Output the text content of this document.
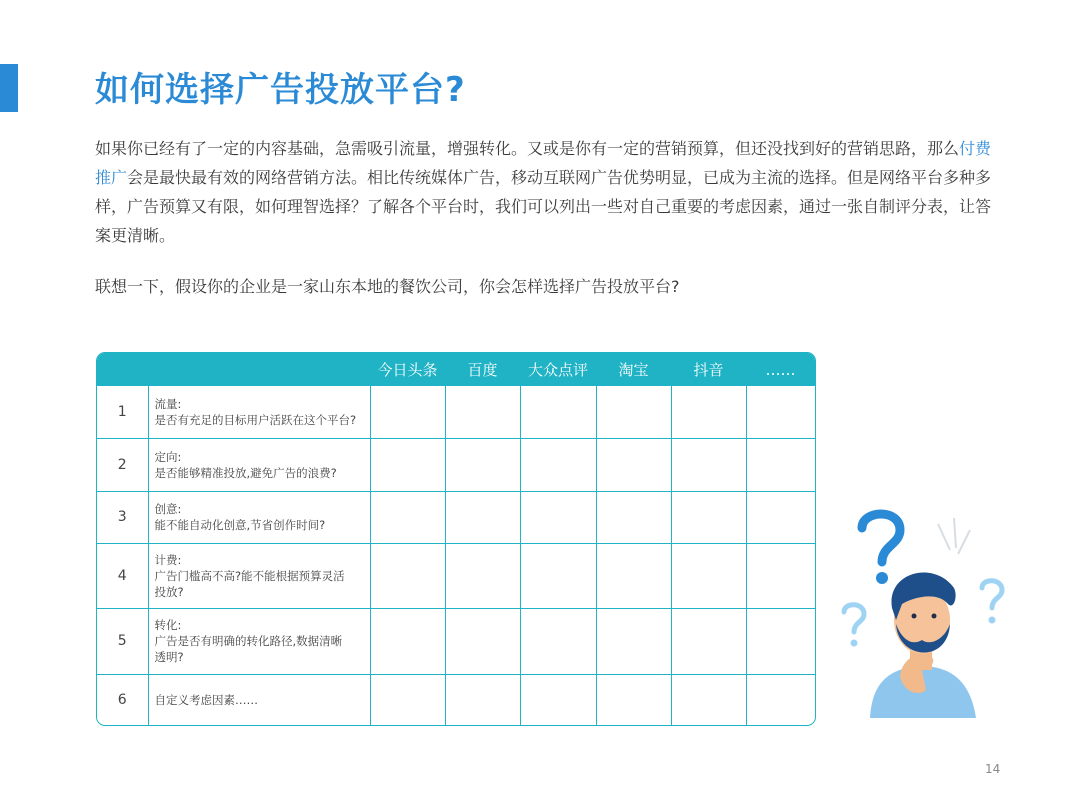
如何选择广告投放平台?
如果你已经有了一定的内容基础，急需吸引流量，增强转化。又或是你有一定的营销预算，但还没找到好的营销思路，那么付费推广会是最快最有效的网络营销方法。相比传统媒体广告，移动互联网广告优势明显，已成为主流的选择。但是网络平台多种多样，广告预算又有限，如何理智选择？了解各个平台时，我们可以列出一些对自己重要的考虑因素，通过一张自制评分表，让答案更清晰。
联想一下，假设你的企业是一家山东本地的餐饮公司，你会怎样选择广告投放平台?
		今日头条	百度	大众点评	淘宝	抖音	……
1	流量:
是否有充足的目标用户活跃在这个平台?						

2	定向:
是否能够精准投放,避免广告的浪费?						

3	创意:
能不能自动化创意,节省创作时间?						

4	计费:
广告门槛高不高?能不能根据预算灵活
投放?						

5	转化:
广告是否有明确的转化路径,数据清晰
透明?						

6	自定义考虑因素……						

14
